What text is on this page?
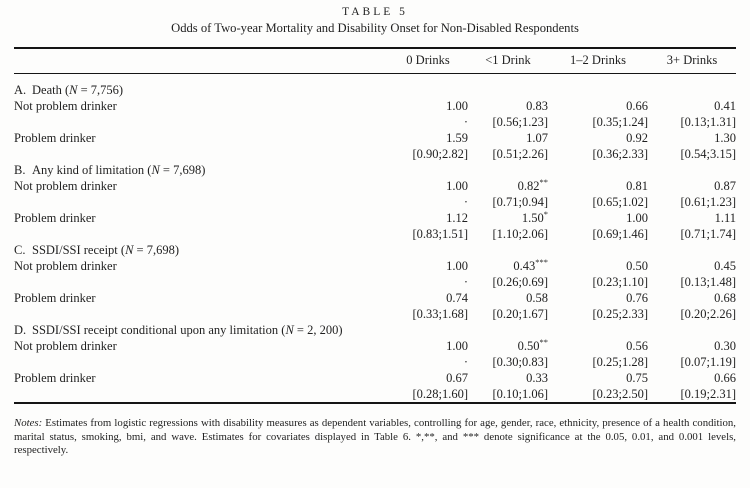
TABLE 5
Odds of Two-year Mortality and Disability Onset for Non-Disabled Respondents
	0 Drinks	<1 Drink	1–2 Drinks	3+ Drinks
A. Death (N = 7,756)				
Not problem drinker	1.00	0.83	0.66	0.41
	·	[0.56;1.23]	[0.35;1.24]	[0.13;1.31]
Problem drinker	1.59	1.07	0.92	1.30
	[0.90;2.82]	[0.51;2.26]	[0.36;2.33]	[0.54;3.15]
B. Any kind of limitation (N = 7,698)				
Not problem drinker	1.00	0.82**	0.81	0.87
	·	[0.71;0.94]	[0.65;1.02]	[0.61;1.23]
Problem drinker	1.12	1.50*	1.00	1.11
	[0.83;1.51]	[1.10;2.06]	[0.69;1.46]	[0.71;1.74]
C. SSDI/SSI receipt (N = 7,698)				
Not problem drinker	1.00	0.43***	0.50	0.45
	·	[0.26;0.69]	[0.23;1.10]	[0.13;1.48]
Problem drinker	0.74	0.58	0.76	0.68
	[0.33;1.68]	[0.20;1.67]	[0.25;2.33]	[0.20;2.26]
D. SSDI/SSI receipt conditional upon any limitation (N = 2, 200)				
Not problem drinker	1.00	0.50**	0.56	0.30
	·	[0.30;0.83]	[0.25;1.28]	[0.07;1.19]
Problem drinker	0.67	0.33	0.75	0.66
	[0.28;1.60]	[0.10;1.06]	[0.23;2.50]	[0.19;2.31]

Notes: Estimates from logistic regressions with disability measures as dependent variables, controlling for age, gender, race, ethnicity, presence of a health condition, marital status, smoking, bmi, and wave. Estimates for covariates displayed in Table 6. *,**, and *** denote significance at the 0.05, 0.01, and 0.001 levels, respectively.
